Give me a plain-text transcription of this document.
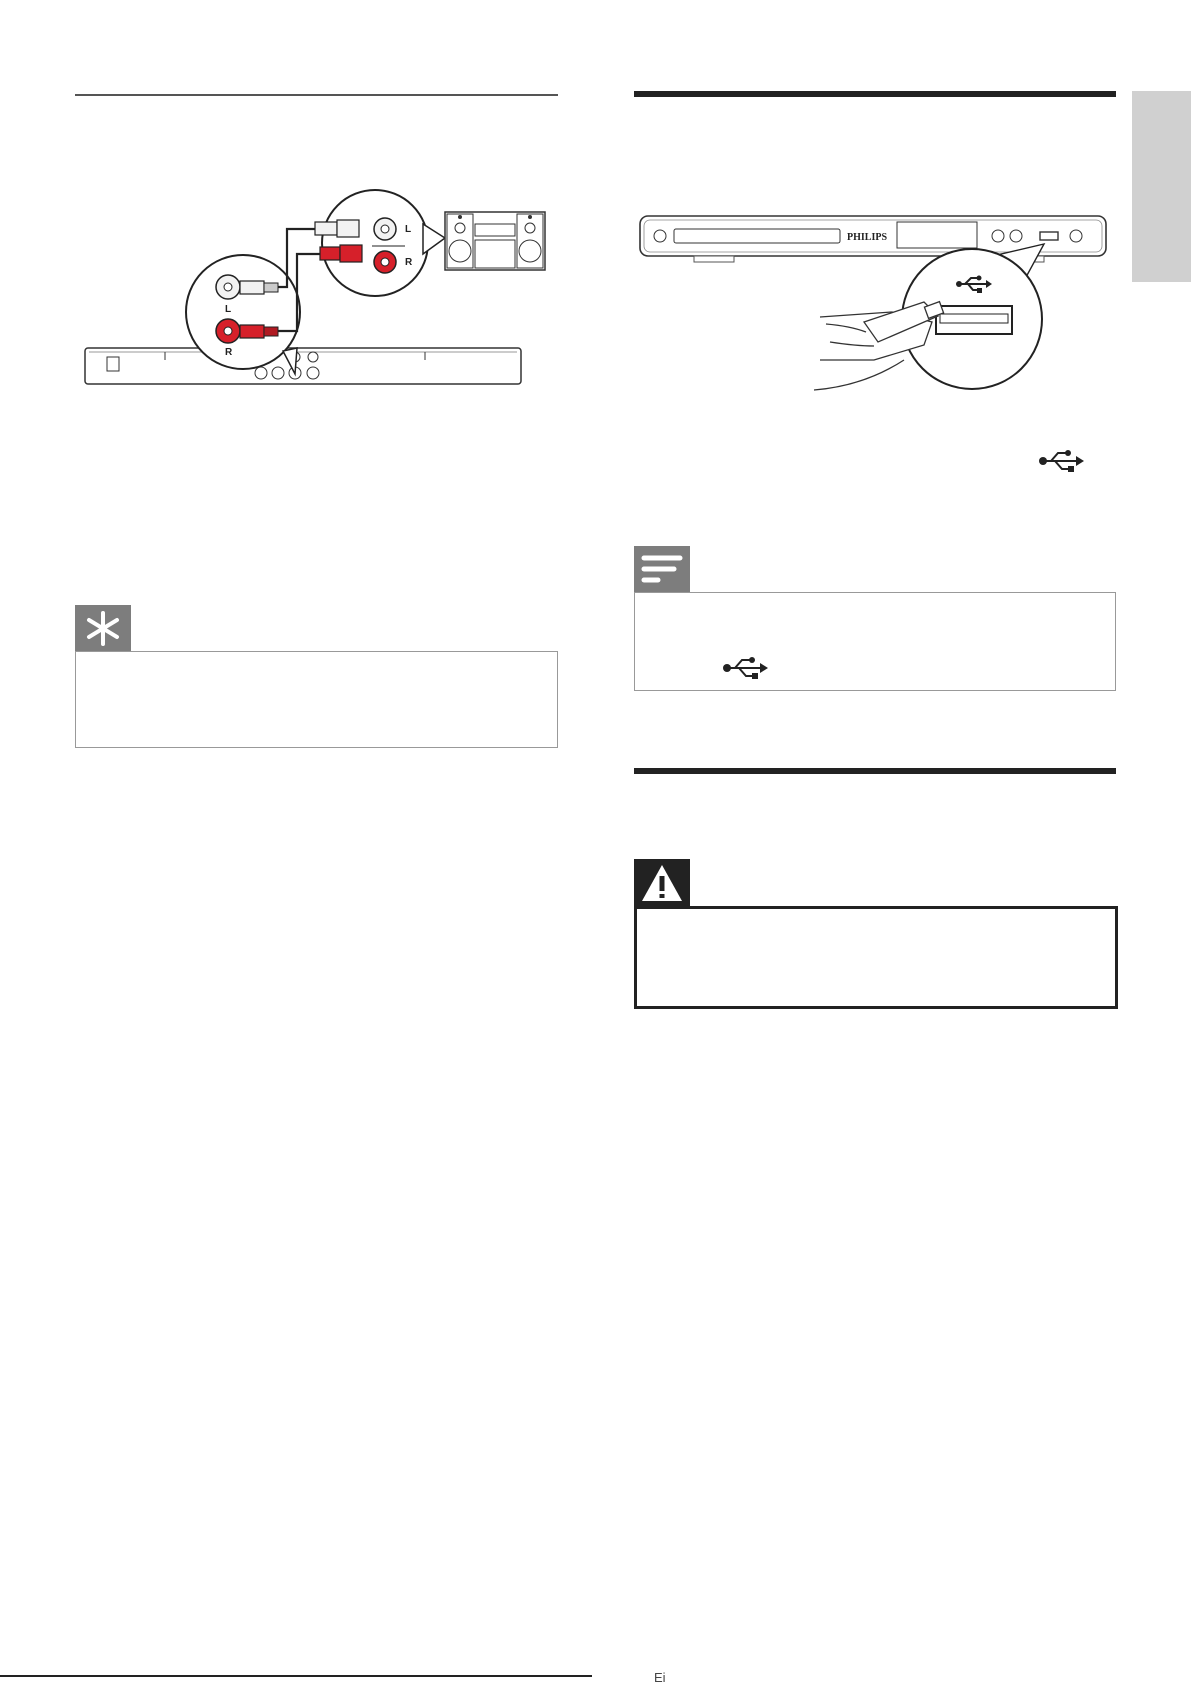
L
R
L
R
PHILIPS
Ei
